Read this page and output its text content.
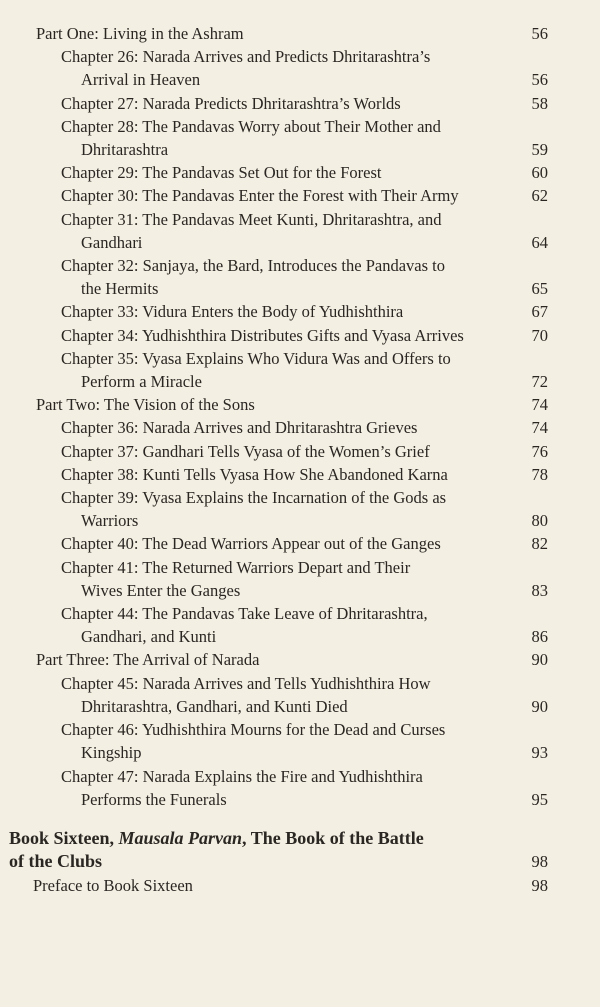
Part One: Living in the Ashram	56
Chapter 26: Narada Arrives and Predicts Dhritarashtra’s
Arrival in Heaven	56
Chapter 27: Narada Predicts Dhritarashtra’s Worlds	58
Chapter 28: The Pandavas Worry about Their Mother and
Dhritarashtra	59
Chapter 29: The Pandavas Set Out for the Forest	60
Chapter 30: The Pandavas Enter the Forest with Their Army	62
Chapter 31: The Pandavas Meet Kunti, Dhritarashtra, and
Gandhari	64
Chapter 32: Sanjaya, the Bard, Introduces the Pandavas to
the Hermits	65
Chapter 33: Vidura Enters the Body of Yudhishthira	67
Chapter 34: Yudhishthira Distributes Gifts and Vyasa Arrives	70
Chapter 35: Vyasa Explains Who Vidura Was and Offers to
Perform a Miracle	72
Part Two: The Vision of the Sons	74
Chapter 36: Narada Arrives and Dhritarashtra Grieves	74
Chapter 37: Gandhari Tells Vyasa of the Women’s Grief	76
Chapter 38: Kunti Tells Vyasa How She Abandoned Karna	78
Chapter 39: Vyasa Explains the Incarnation of the Gods as
Warriors	80
Chapter 40: The Dead Warriors Appear out of the Ganges	82
Chapter 41: The Returned Warriors Depart and Their
Wives Enter the Ganges	83
Chapter 44: The Pandavas Take Leave of Dhritarashtra,
Gandhari, and Kunti	86
Part Three: The Arrival of Narada	90
Chapter 45: Narada Arrives and Tells Yudhishthira How
Dhritarashtra, Gandhari, and Kunti Died	90
Chapter 46: Yudhishthira Mourns for the Dead and Curses
Kingship	93
Chapter 47: Narada Explains the Fire and Yudhishthira
Performs the Funerals	95
Book Sixteen, Mausala Parvan, The Book of the Battle
of the Clubs	98
Preface to Book Sixteen	98
